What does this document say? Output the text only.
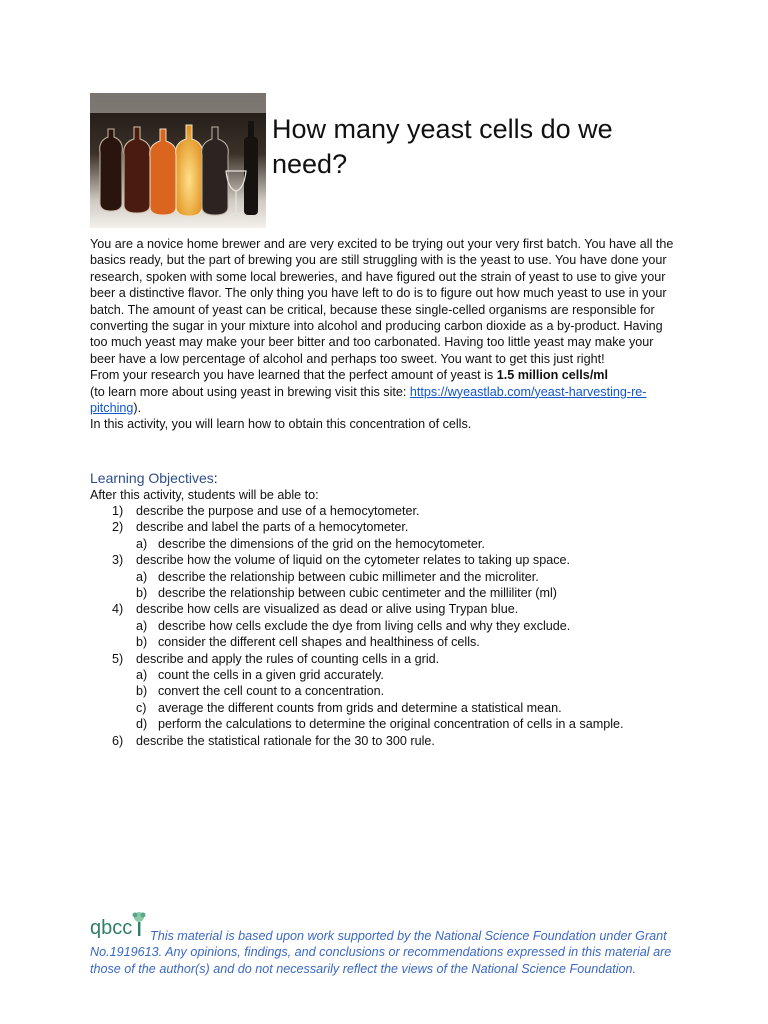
How many yeast cells do we need?

You are a novice home brewer and are very excited to be trying out your very first batch. You have all the basics ready, but the part of brewing you are still struggling with is the yeast to use. You have done your research, spoken with some local breweries, and have figured out the strain of yeast to use to give your beer a distinctive flavor. The only thing you have left to do is to figure out how much yeast to use in your batch. The amount of yeast can be critical, because these single-celled organisms are responsible for converting the sugar in your mixture into alcohol and producing carbon dioxide as a by-product. Having too much yeast may make your beer bitter and too carbonated. Having too little yeast may make your beer have a low percentage of alcohol and perhaps too sweet. You want to get this just right!

From your research you have learned that the perfect amount of yeast is 1.5 million cells/ml
(to learn more about using yeast in brewing visit this site: https://wyeastlab.com/yeast-harvesting-re-pitching).

In this activity, you will learn how to obtain this concentration of cells.

Learning Objectives:

After this activity, students will be able to:

1)	describe the purpose and use of a hemocytometer.
2)	describe and label the parts of a hemocytometer.
a) describe the dimensions of the grid on the hemocytometer.
3)	describe how the volume of liquid on the cytometer relates to taking up space.
a) describe the relationship between cubic millimeter and the microliter.
b) describe the relationship between cubic centimeter and the milliliter (ml)
4)	describe how cells are visualized as dead or alive using Trypan blue.
a) describe how cells exclude the dye from living cells and why they exclude.
b) consider the different cell shapes and healthiness of cells.
5)	describe and apply the rules of counting cells in a grid.
a) count the cells in a given grid accurately.
b) convert the cell count to a concentration.
c) average the different counts from grids and determine a statistical mean.
d) perform the calculations to determine the original concentration of cells in a sample.
6)	describe the statistical rationale for the 30 to 300 rule.
qbcc This material is based upon work supported by the National Science Foundation under Grant No.1919613. Any opinions, findings, and conclusions or recommendations expressed in this material are those of the author(s) and do not necessarily reflect the views of the National Science Foundation.
